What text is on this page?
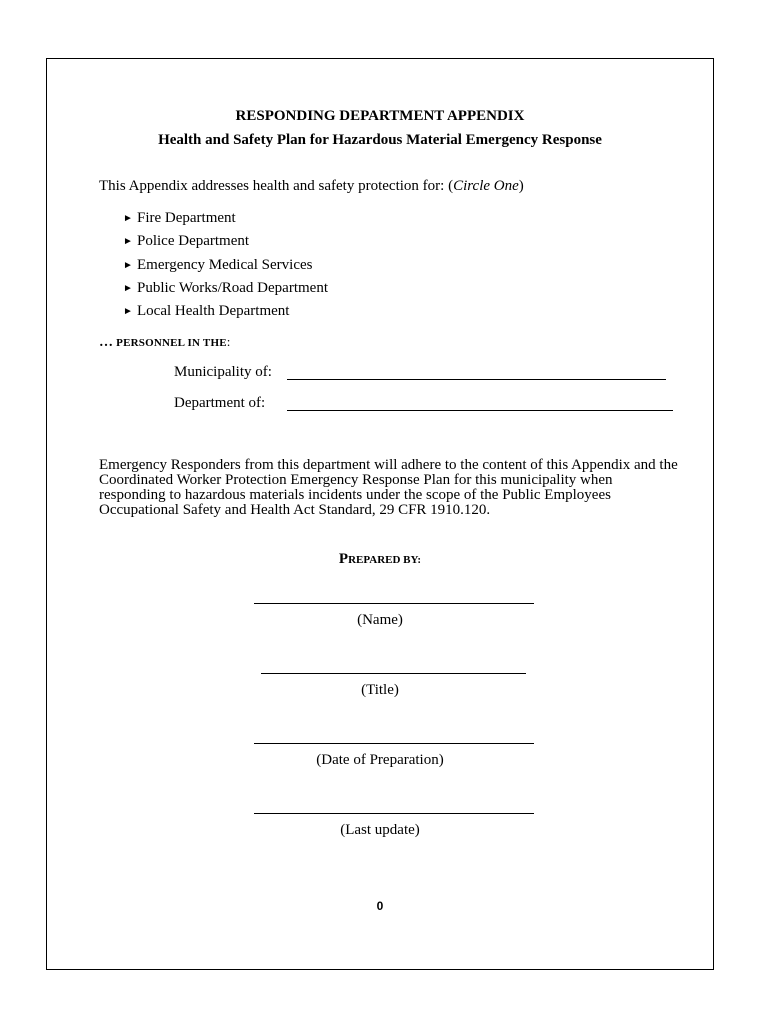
RESPONDING DEPARTMENT APPENDIX
Health and Safety Plan for Hazardous Material Emergency Response
This Appendix addresses health and safety protection for: (Circle One)
► Fire Department
► Police Department
► Emergency Medical Services
► Public Works/Road Department
► Local Health Department
… PERSONNEL IN THE:
Municipality of:
Department of:
Emergency Responders from this department will adhere to the content of this Appendix and the
Coordinated Worker Protection Emergency Response Plan for this municipality when
responding to hazardous materials incidents under the scope of the Public Employees
Occupational Safety and Health Act Standard, 29 CFR 1910.120.
PREPARED BY:
(Name)
(Title)
(Date of Preparation)
(Last update)
0
